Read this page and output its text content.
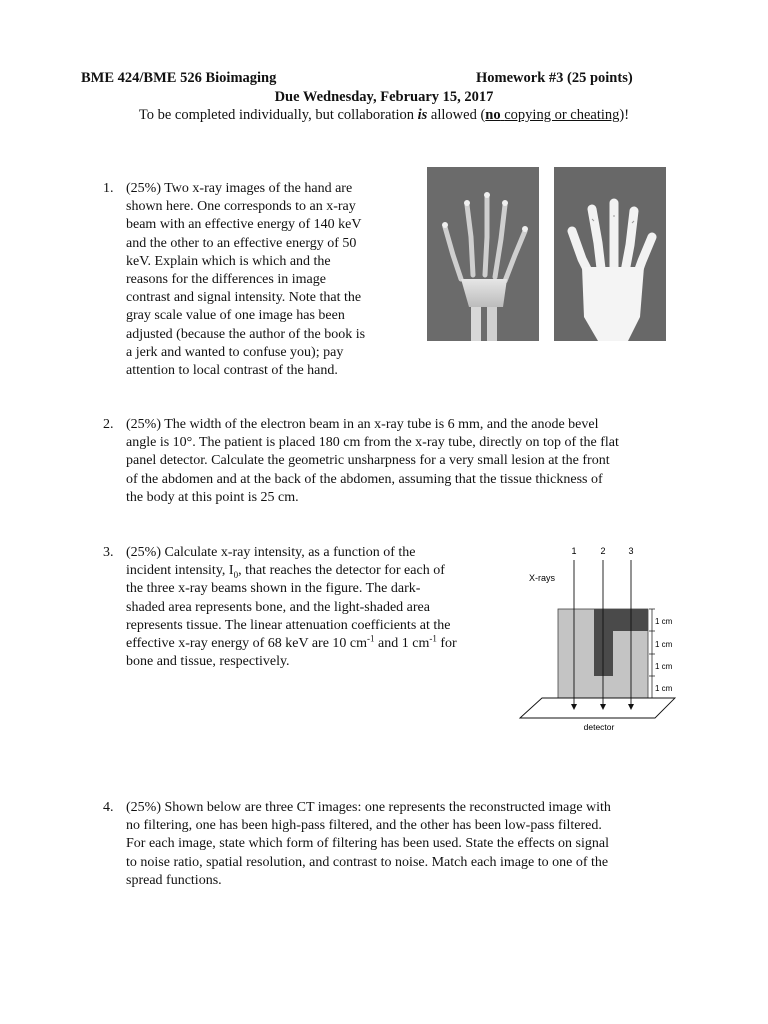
BME 424/BME 526 Bioimaging	Homework #3 (25 points)
Due Wednesday, February 15, 2017
To be completed individually, but collaboration is allowed (no copying or cheating)!
1. (25%) Two x-ray images of the hand are
shown here. One corresponds to an x-ray
beam with an effective energy of 140 keV
and the other to an effective energy of 50
keV. Explain which is which and the
reasons for the differences in image
contrast and signal intensity. Note that the
gray scale value of one image has been
adjusted (because the author of the book is
a jerk and wanted to confuse you); pay
attention to local contrast of the hand.
2. (25%) The width of the electron beam in an x-ray tube is 6 mm, and the anode bevel
angle is 10°. The patient is placed 180 cm from the x-ray tube, directly on top of the flat
panel detector. Calculate the geometric unsharpness for a very small lesion at the front
of the abdomen and at the back of the abdomen, assuming that the tissue thickness of
the body at this point is 25 cm.
3. (25%) Calculate x-ray intensity, as a function of the
incident intensity, $I_0$, that reaches the detector for each of
the three x-ray beams shown in the figure. The dark-
shaded area represents bone, and the light-shaded area
represents tissue. The linear attenuation coefficients at the
effective x-ray energy of 68 keV are 10 $cm^{-1}$ and 1 $cm^{-1}$ for
bone and tissue, respectively.
1	2	3
X-rays
1 cm
1 cm
1 cm
1 cm
detector
4. (25%) Shown below are three CT images: one represents the reconstructed image with
no filtering, one has been high-pass filtered, and the other has been low-pass filtered.
For each image, state which form of filtering has been used. State the effects on signal
to noise ratio, spatial resolution, and contrast to noise. Match each image to one of the
spread functions.
